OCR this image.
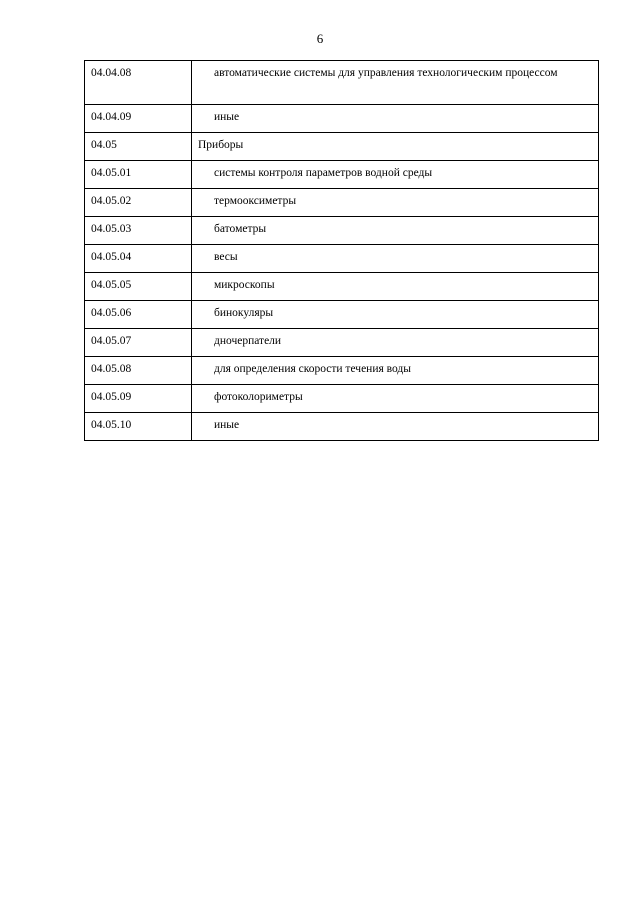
6
04.04.08	автоматические системы для управления технологическим процессом

04.04.09	иные

04.05	Приборы
04.05.01	системы контроля параметров водной среды

04.05.02	термооксиметры

04.05.03	батометры

04.05.04	весы

04.05.05	микроскопы

04.05.06	бинокуляры

04.05.07	дночерпатели

04.05.08	для определения скорости течения воды

04.05.09	фотоколориметры

04.05.10	иные
